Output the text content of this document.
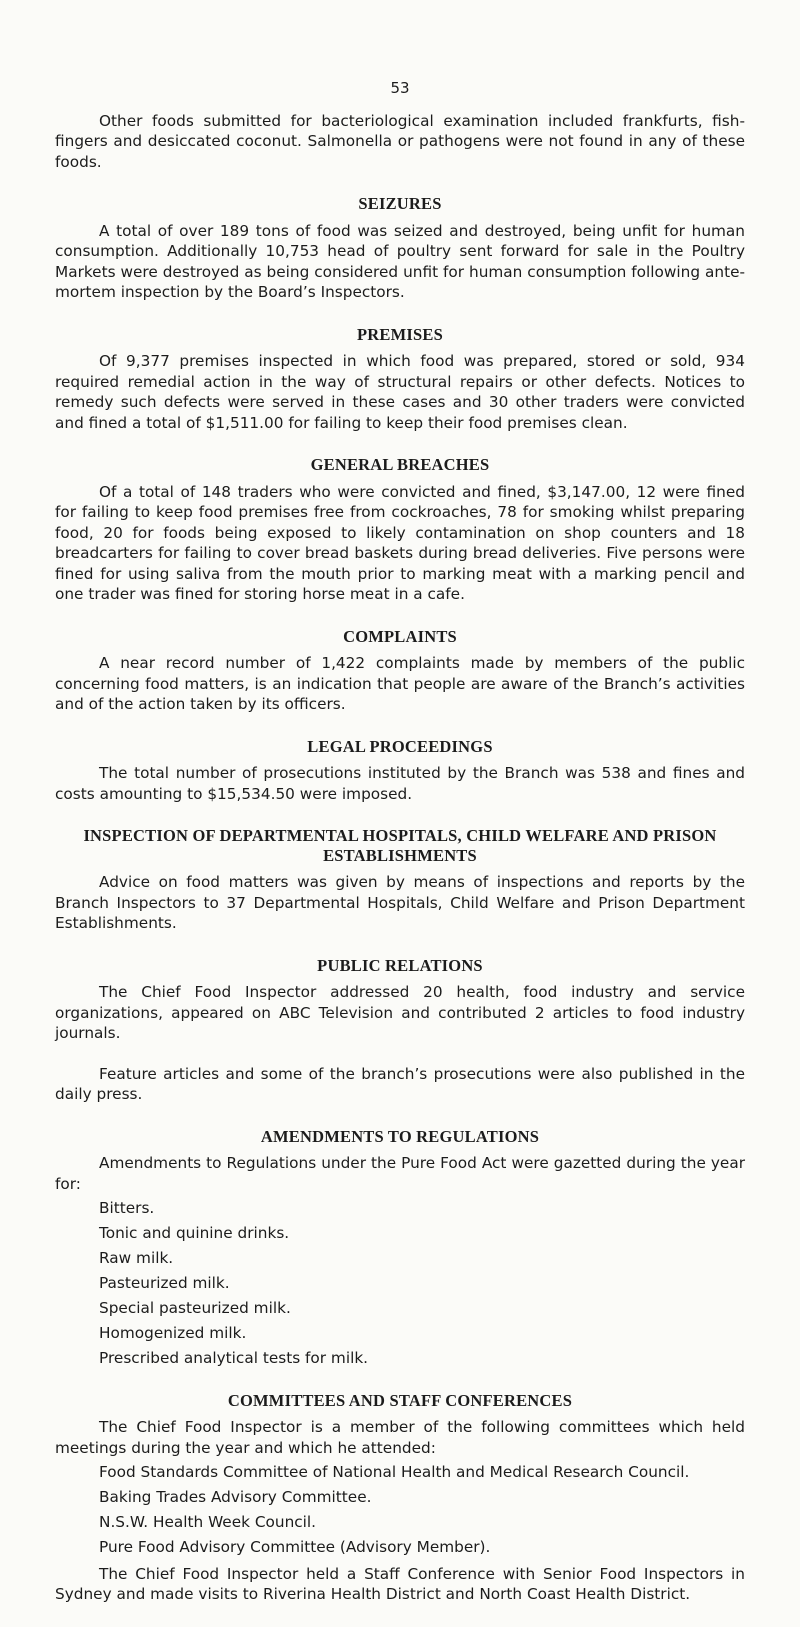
53

Other foods submitted for bacteriological examination included frankfurts, fish-fingers and desiccated coconut. Salmonella or pathogens were not found in any of these foods.

SEIZURES

A total of over 189 tons of food was seized and destroyed, being unfit for human consumption. Additionally 10,753 head of poultry sent forward for sale in the Poultry Markets were destroyed as being considered unfit for human consumption following ante-mortem inspection by the Board’s Inspectors.

PREMISES

Of 9,377 premises inspected in which food was prepared, stored or sold, 934 required remedial action in the way of structural repairs or other defects. Notices to remedy such defects were served in these cases and 30 other traders were convicted and fined a total of $1,511.00 for failing to keep their food premises clean.

GENERAL BREACHES

Of a total of 148 traders who were convicted and fined, $3,147.00, 12 were fined for failing to keep food premises free from cockroaches, 78 for smoking whilst preparing food, 20 for foods being exposed to likely contamination on shop counters and 18 breadcarters for failing to cover bread baskets during bread deliveries. Five persons were fined for using saliva from the mouth prior to marking meat with a marking pencil and one trader was fined for storing horse meat in a cafe.

COMPLAINTS

A near record number of 1,422 complaints made by members of the public concerning food matters, is an indication that people are aware of the Branch’s activities and of the action taken by its officers.

LEGAL PROCEEDINGS

The total number of prosecutions instituted by the Branch was 538 and fines and costs amounting to $15,534.50 were imposed.

INSPECTION OF DEPARTMENTAL HOSPITALS, CHILD WELFARE AND PRISON
ESTABLISHMENTS

Advice on food matters was given by means of inspections and reports by the Branch Inspectors to 37 Departmental Hospitals, Child Welfare and Prison Department Establishments.

PUBLIC RELATIONS

The Chief Food Inspector addressed 20 health, food industry and service organizations, appeared on ABC Television and contributed 2 articles to food industry journals.

Feature articles and some of the branch’s prosecutions were also published in the daily press.

AMENDMENTS TO REGULATIONS

Amendments to Regulations under the Pure Food Act were gazetted during the year for:

Bitters.
Tonic and quinine drinks.
Raw milk.
Pasteurized milk.
Special pasteurized milk.
Homogenized milk.
Prescribed analytical tests for milk.

COMMITTEES AND STAFF CONFERENCES

The Chief Food Inspector is a member of the following committees which held meetings during the year and which he attended:

Food Standards Committee of National Health and Medical Research Council.
Baking Trades Advisory Committee.
N.S.W. Health Week Council.
Pure Food Advisory Committee (Advisory Member).

The Chief Food Inspector held a Staff Conference with Senior Food Inspectors in Sydney and made visits to Riverina Health District and North Coast Health District.
